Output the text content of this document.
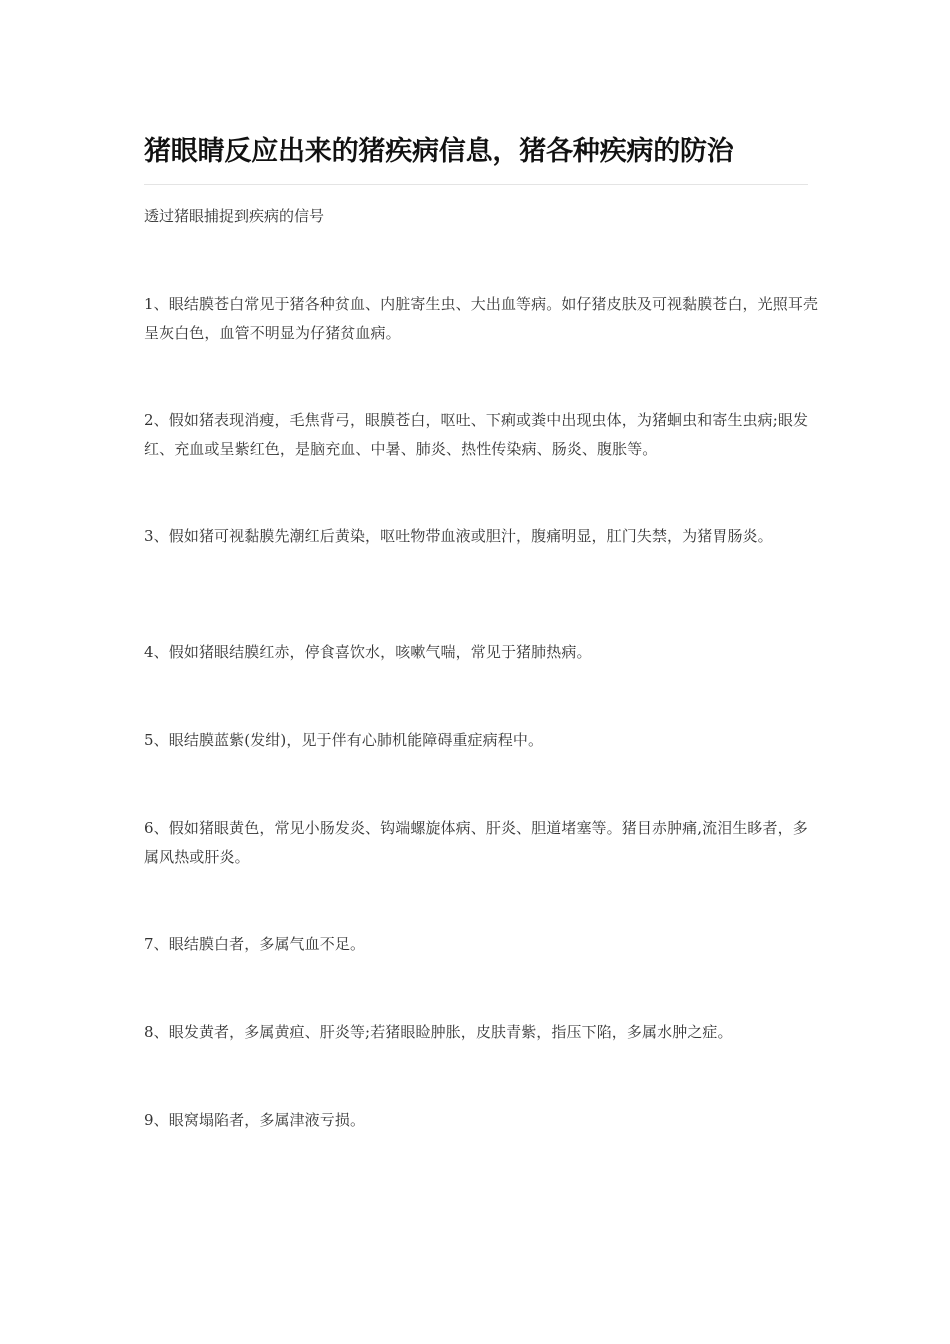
猪眼睛反应出来的猪疾病信息，猪各种疾病的防治

透过猪眼捕捉到疾病的信号

1、眼结膜苍白常见于猪各种贫血、内脏寄生虫、大出血等病。如仔猪皮肤及可视黏膜苍白，光照耳壳呈灰白色，血管不明显为仔猪贫血病。

2、假如猪表现消瘦，毛焦背弓，眼膜苍白，呕吐、下痢或粪中出现虫体，为猪蛔虫和寄生虫病;眼发红、充血或呈紫红色，是脑充血、中暑、肺炎、热性传染病、肠炎、腹胀等。

3、假如猪可视黏膜先潮红后黄染，呕吐物带血液或胆汁，腹痛明显，肛门失禁，为猪胃肠炎。

4、假如猪眼结膜红赤，停食喜饮水，咳嗽气喘，常见于猪肺热病。

5、眼结膜蓝紫(发绀)，见于伴有心肺机能障碍重症病程中。

6、假如猪眼黄色，常见小肠发炎、钩端螺旋体病、肝炎、胆道堵塞等。猪目赤肿痛,流泪生眵者，多属风热或肝炎。

7、眼结膜白者，多属气血不足。

8、眼发黄者，多属黄疸、肝炎等;若猪眼睑肿胀，皮肤青紫，指压下陷，多属水肿之症。

9、眼窝塌陷者，多属津液亏损。
